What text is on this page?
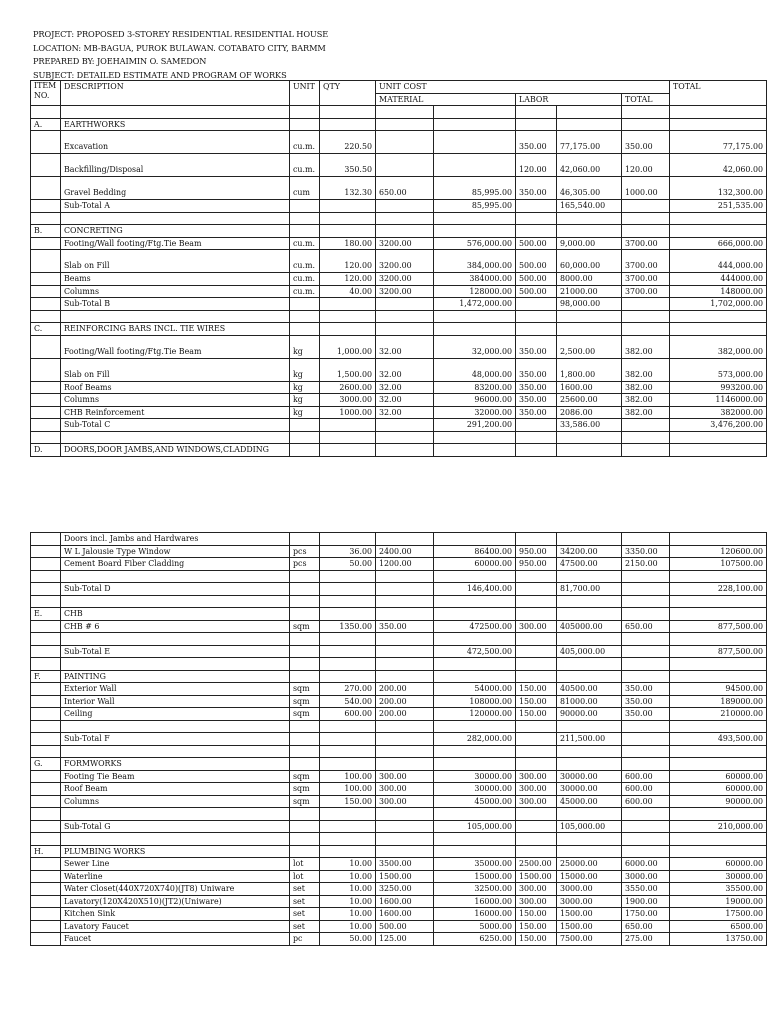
PROJECT: PROPOSED 3-STOREY RESIDENTIAL RESIDENTIAL HOUSE
LOCATION: MB-BAGUA, PUROK BULAWAN. COTABATO CITY, BARMM
PREPARED BY: JOEHAIMIN O. SAMEDON
SUBJECT: DETAILED ESTIMATE AND PROGRAM OF WORKS
ITEM NO.	DESCRIPTION	UNIT	QTY	UNIT COST					TOTAL
				MATERIAL		LABOR		TOTAL	

A.	EARTHWORKS								
	Excavation	cu.m.	220.50			350.00	77,175.00	350.00	77,175.00
	Backfilling/Disposal	cu.m.	350.50			120.00	42,060.00	120.00	42,060.00
	Gravel Bedding	cum	132.30	650.00	85,995.00	350.00	46,305.00	1000.00	132,300.00
	Sub-Total A				85,995.00		165,540.00		251,535.00

B.	CONCRETING								
	Footing/Wall footing/Ftg.Tie Beam	cu.m.	180.00	3200.00	576,000.00	500.00	9,000.00	3700.00	666,000.00
	Slab on Fill	cu.m.	120.00	3200.00	384,000.00	500.00	60,000.00	3700.00	444,000.00
	Beams	cu.m.	120.00	3200.00	384000.00	500.00	8000.00	3700.00	444000.00
	Columns	cu.m.	40.00	3200.00	128000.00	500.00	21000.00	3700.00	148000.00
	Sub-Total B				1,472,000.00		98,000.00		1,702,000.00

C.	REINFORCING BARS INCL. TIE WIRES								
	Footing/Wall footing/Ftg.Tie Beam	kg	1,000.00	32.00	32,000.00	350.00	2,500.00	382.00	382,000.00
	Slab on Fill	kg	1,500.00	32.00	48,000.00	350.00	1,800.00	382.00	573,000.00
	Roof Beams	kg	2600.00	32.00	83200.00	350.00	1600.00	382.00	993200.00
	Columns	kg	3000.00	32.00	96000.00	350.00	25600.00	382.00	1146000.00
	CHB Reinforcement	kg	1000.00	32.00	32000.00	350.00	2086.00	382.00	382000.00
	Sub-Total C				291,200.00		33,586.00		3,476,200.00

D.	DOORS,DOOR JAMBS,AND WINDOWS,CLADDING								
	Doors incl. Jambs and Hardwares								
	W L Jalousie Type Window	pcs	36.00	2400.00	86400.00	950.00	34200.00	3350.00	120600.00
	Cement Board Fiber Cladding	pcs	50.00	1200.00	60000.00	950.00	47500.00	2150.00	107500.00

	Sub-Total D				146,400.00		81,700.00		228,100.00

E.	CHB								
	CHB # 6	sqm	1350.00	350.00	472500.00	300.00	405000.00	650.00	877,500.00

	Sub-Total E				472,500.00		405,000.00		877,500.00

F.	PAINTING								
	Exterior Wall	sqm	270.00	200.00	54000.00	150.00	40500.00	350.00	94500.00
	Interior Wall	sqm	540.00	200.00	108000.00	150.00	81000.00	350.00	189000.00
	Ceiling	sqm	600.00	200.00	120000.00	150.00	90000.00	350.00	210000.00

	Sub-Total F				282,000.00		211,500.00		493,500.00

G.	FORMWORKS								
	Footing Tie Beam	sqm	100.00	300.00	30000.00	300.00	30000.00	600.00	60000.00
	Roof Beam	sqm	100.00	300.00	30000.00	300.00	30000.00	600.00	60000.00
	Columns	sqm	150.00	300.00	45000.00	300.00	45000.00	600.00	90000.00

	Sub-Total G				105,000.00		105,000.00		210,000.00

H.	PLUMBING WORKS								
	Sewer Line	lot	10.00	3500.00	35000.00	2500.00	25000.00	6000.00	60000.00
	Waterline	lot	10.00	1500.00	15000.00	1500.00	15000.00	3000.00	30000.00
	Water Closet(440X720X740)(JT8) Uniware	set	10.00	3250.00	32500.00	300.00	3000.00	3550.00	35500.00
	Lavatory(120X420X510)(JT2)(Uniware)	set	10.00	1600.00	16000.00	300.00	3000.00	1900.00	19000.00
	Kitchen Sink	set	10.00	1600.00	16000.00	150.00	1500.00	1750.00	17500.00
	Lavatory Faucet	set	10.00	500.00	5000.00	150.00	1500.00	650.00	6500.00
	Faucet	pc	50.00	125.00	6250.00	150.00	7500.00	275.00	13750.00
